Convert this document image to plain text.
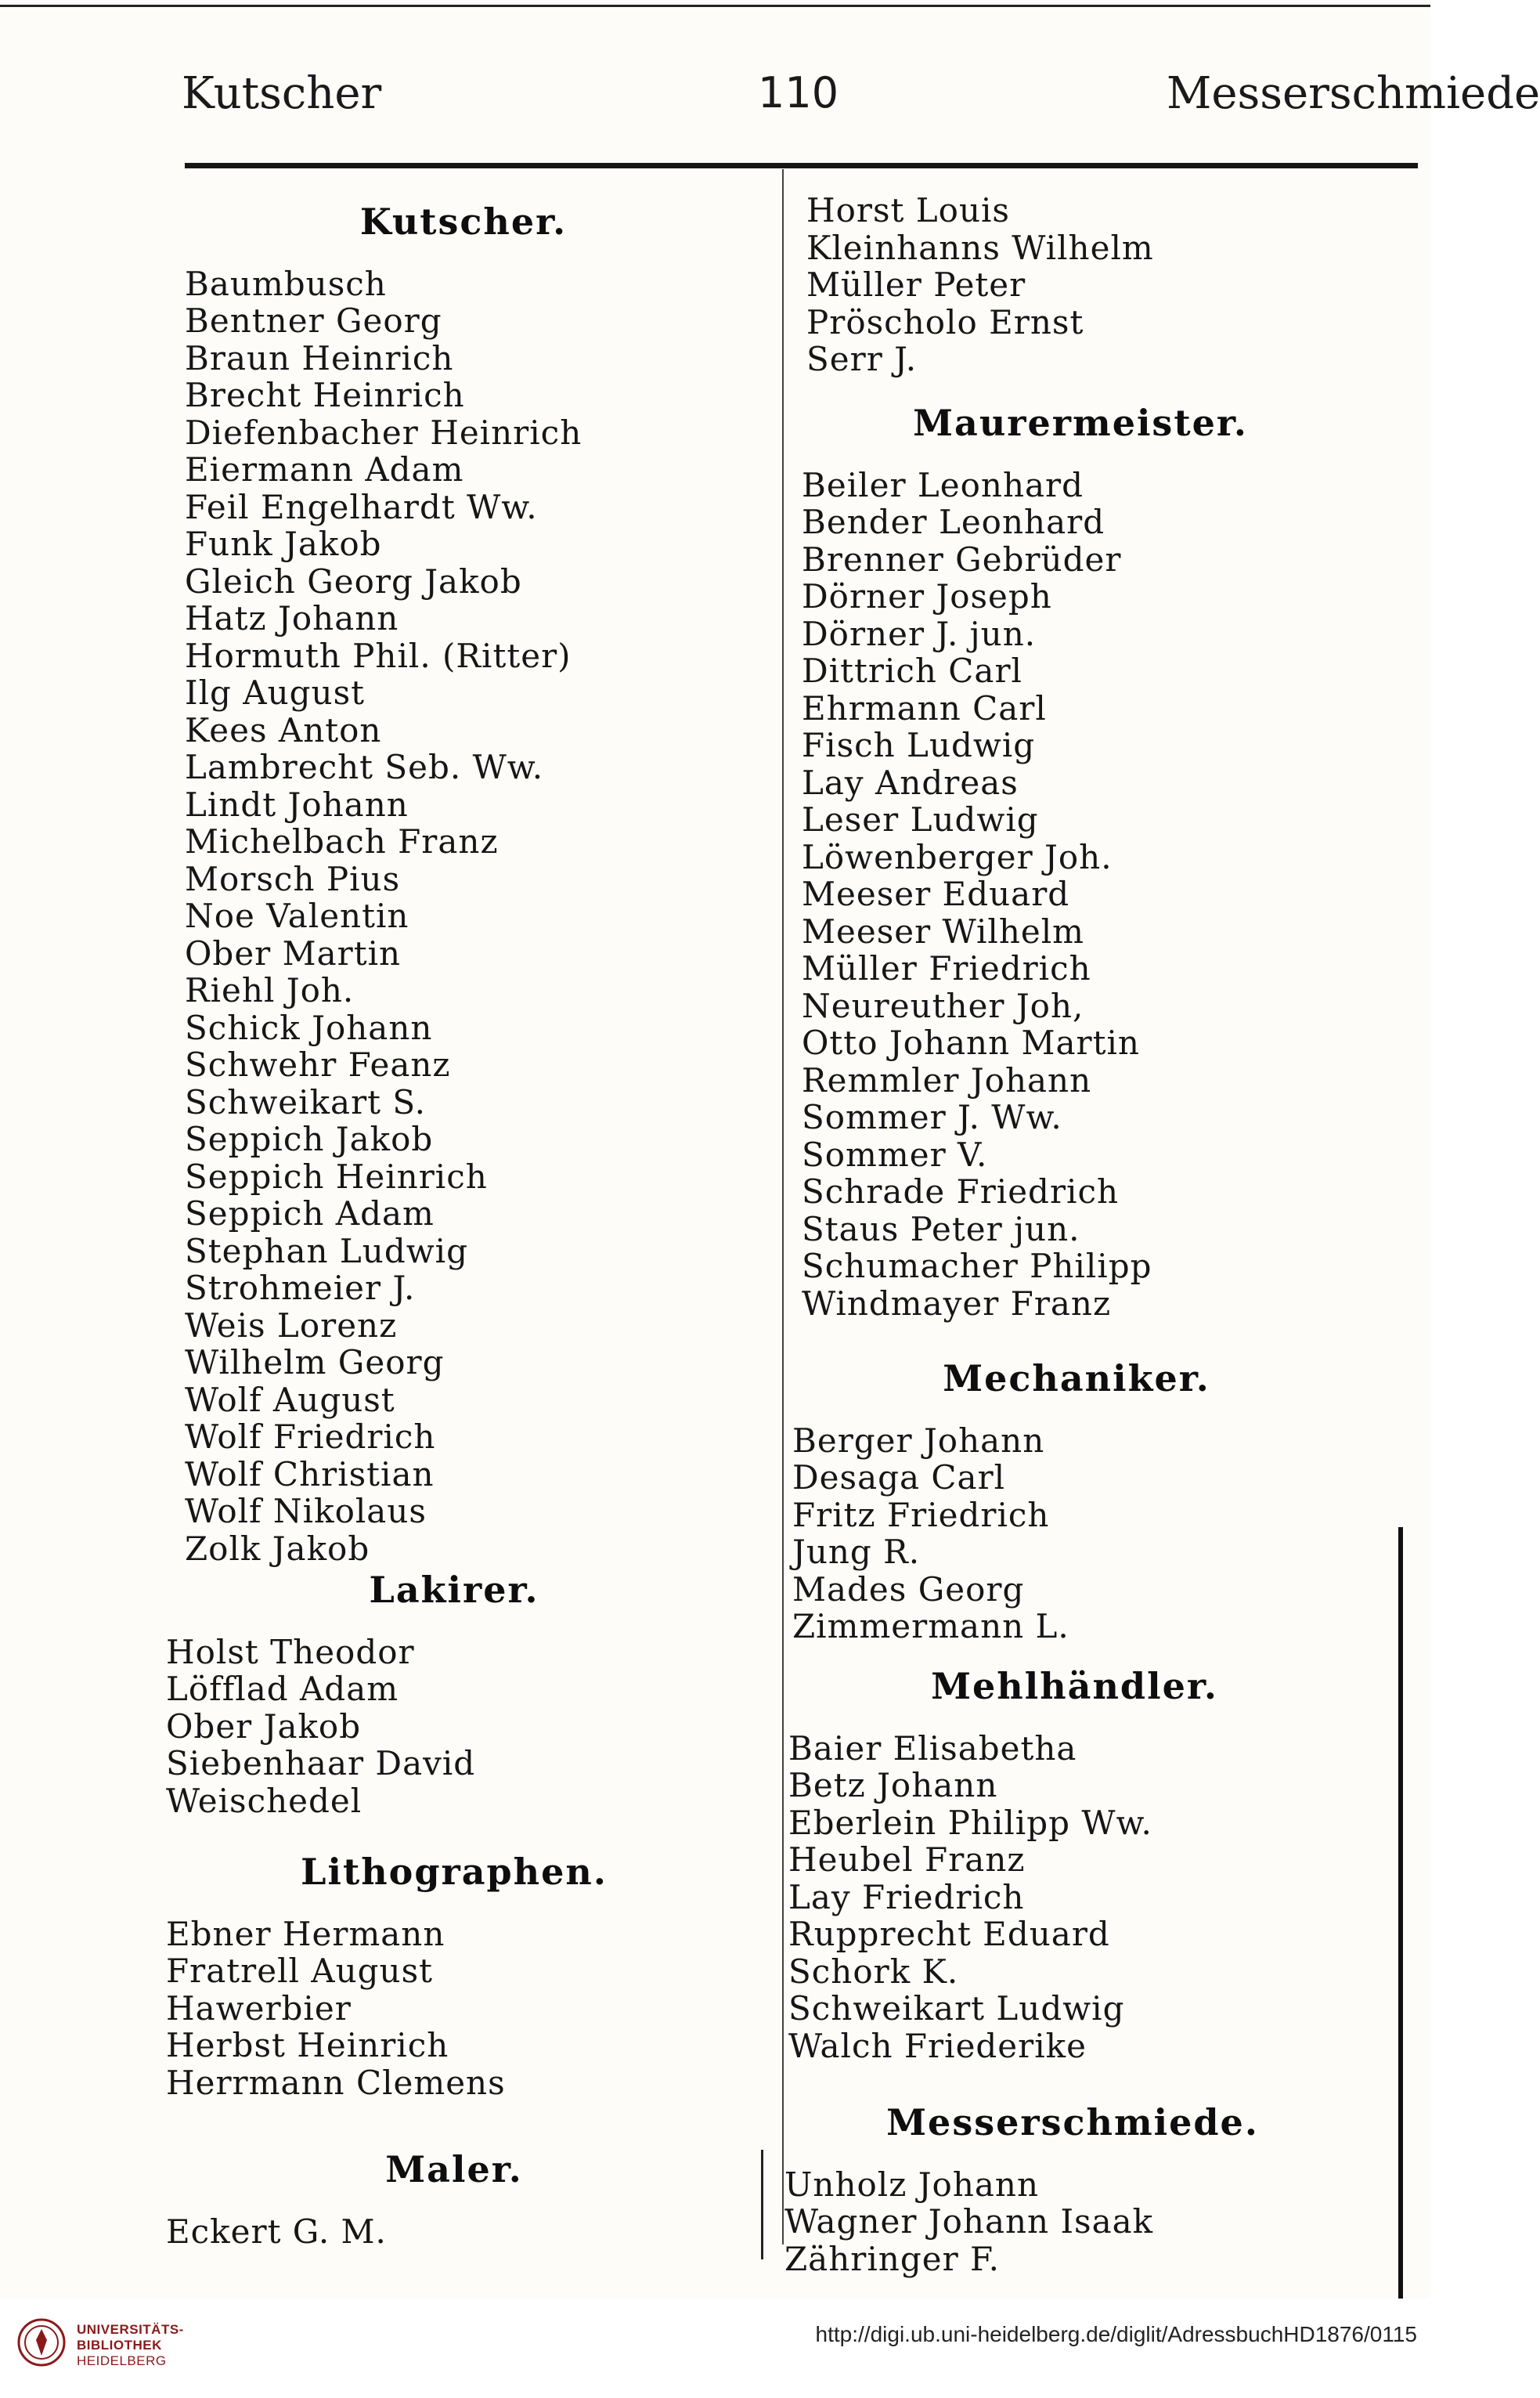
Kutscher	110	Messerschmiede
Kutscher.
Baumbusch
Bentner Georg
Braun Heinrich
Brecht Heinrich
Diefenbacher Heinrich
Eiermann Adam
Feil Engelhardt Ww.
Funk Jakob
Gleich Georg Jakob
Hatz Johann
Hormuth Phil. (Ritter)
Ilg August
Kees Anton
Lambrecht Seb. Ww.
Lindt Johann
Michelbach Franz
Morsch Pius
Noe Valentin
Ober Martin
Riehl Joh.
Schick Johann
Schwehr Feanz
Schweikart S.
Seppich Jakob
Seppich Heinrich
Seppich Adam
Stephan Ludwig
Strohmeier J.
Weis Lorenz
Wilhelm Georg
Wolf August
Wolf Friedrich
Wolf Christian
Wolf Nikolaus
Zolk Jakob
Lakirer.
Holst Theodor
Löfflad Adam
Ober Jakob
Siebenhaar David
Weischedel
Lithographen.
Ebner Hermann
Fratrell August
Hawerbier
Herbst Heinrich
Herrmann Clemens
Maler.
Eckert G. M.
Horst Louis
Kleinhanns Wilhelm
Müller Peter
Pröscholo Ernst
Serr J.
Maurermeister.
Beiler Leonhard
Bender Leonhard
Brenner Gebrüder
Dörner Joseph
Dörner J. jun.
Dittrich Carl
Ehrmann Carl
Fisch Ludwig
Lay Andreas
Leser Ludwig
Löwenberger Joh.
Meeser Eduard
Meeser Wilhelm
Müller Friedrich
Neureuther Joh,
Otto Johann Martin
Remmler Johann
Sommer J. Ww.
Sommer V.
Schrade Friedrich
Staus Peter jun.
Schumacher Philipp
Windmayer Franz
Mechaniker.
Berger Johann
Desaga Carl
Fritz Friedrich
Jung R.
Mades Georg
Zimmermann L.
Mehlhändler.
Baier Elisabetha
Betz Johann
Eberlein Philipp Ww.
Heubel Franz
Lay Friedrich
Rupprecht Eduard
Schork K.
Schweikart Ludwig
Walch Friederike
Messerschmiede.
Unholz Johann
Wagner Johann Isaak
Zähringer F.
UNIVERSITÄTS-
BIBLIOTHEK
HEIDELBERG
http://digi.ub.uni-heidelberg.de/diglit/AdressbuchHD1876/0115
